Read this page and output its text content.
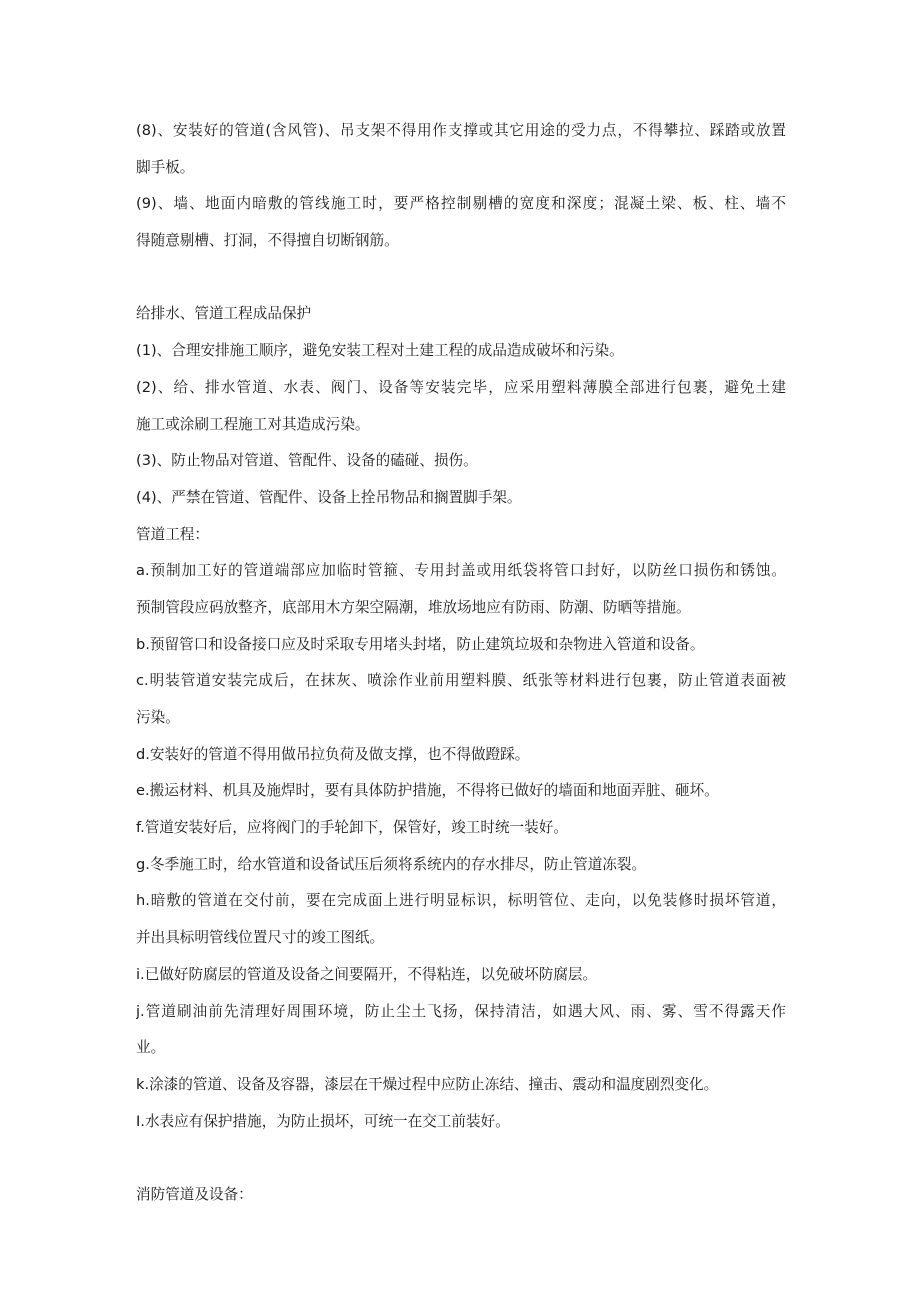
(8)、安装好的管道(含风管)、吊支架不得用作支撑或其它用途的受力点，不得攀拉、踩踏或放置
脚手板。
(9)、墙、地面内暗敷的管线施工时，要严格控制剔槽的宽度和深度；混凝土梁、板、柱、墙不
得随意剔槽、打洞，不得擅自切断钢筋。
给排水、管道工程成品保护
(1)、合理安排施工顺序，避免安装工程对土建工程的成品造成破坏和污染。
(2)、给、排水管道、水表、阀门、设备等安装完毕，应采用塑料薄膜全部进行包裹，避免土建
施工或涂刷工程施工对其造成污染。
(3)、防止物品对管道、管配件、设备的磕碰、损伤。
(4)、严禁在管道、管配件、设备上拴吊物品和搁置脚手架。
管道工程：
a.预制加工好的管道端部应加临时管箍、专用封盖或用纸袋将管口封好，以防丝口损伤和锈蚀。
预制管段应码放整齐，底部用木方架空隔潮，堆放场地应有防雨、防潮、防晒等措施。
b.预留管口和设备接口应及时采取专用堵头封堵，防止建筑垃圾和杂物进入管道和设备。
c.明装管道安装完成后，在抹灰、喷涂作业前用塑料膜、纸张等材料进行包裹，防止管道表面被
污染。
d.安装好的管道不得用做吊拉负荷及做支撑，也不得做蹬踩。
e.搬运材料、机具及施焊时，要有具体防护措施，不得将已做好的墙面和地面弄脏、砸坏。
f.管道安装好后，应将阀门的手轮卸下，保管好，竣工时统一装好。
g.冬季施工时，给水管道和设备试压后须将系统内的存水排尽，防止管道冻裂。
h.暗敷的管道在交付前，要在完成面上进行明显标识，标明管位、走向，以免装修时损坏管道，
并出具标明管线位置尺寸的竣工图纸。
i.已做好防腐层的管道及设备之间要隔开，不得粘连，以免破坏防腐层。
j.管道刷油前先清理好周围环境，防止尘土飞扬，保持清洁，如遇大风、雨、雾、雪不得露天作
业。
k.涂漆的管道、设备及容器，漆层在干燥过程中应防止冻结、撞击、震动和温度剧烈变化。
I.水表应有保护措施，为防止损坏，可统一在交工前装好。
消防管道及设备：
